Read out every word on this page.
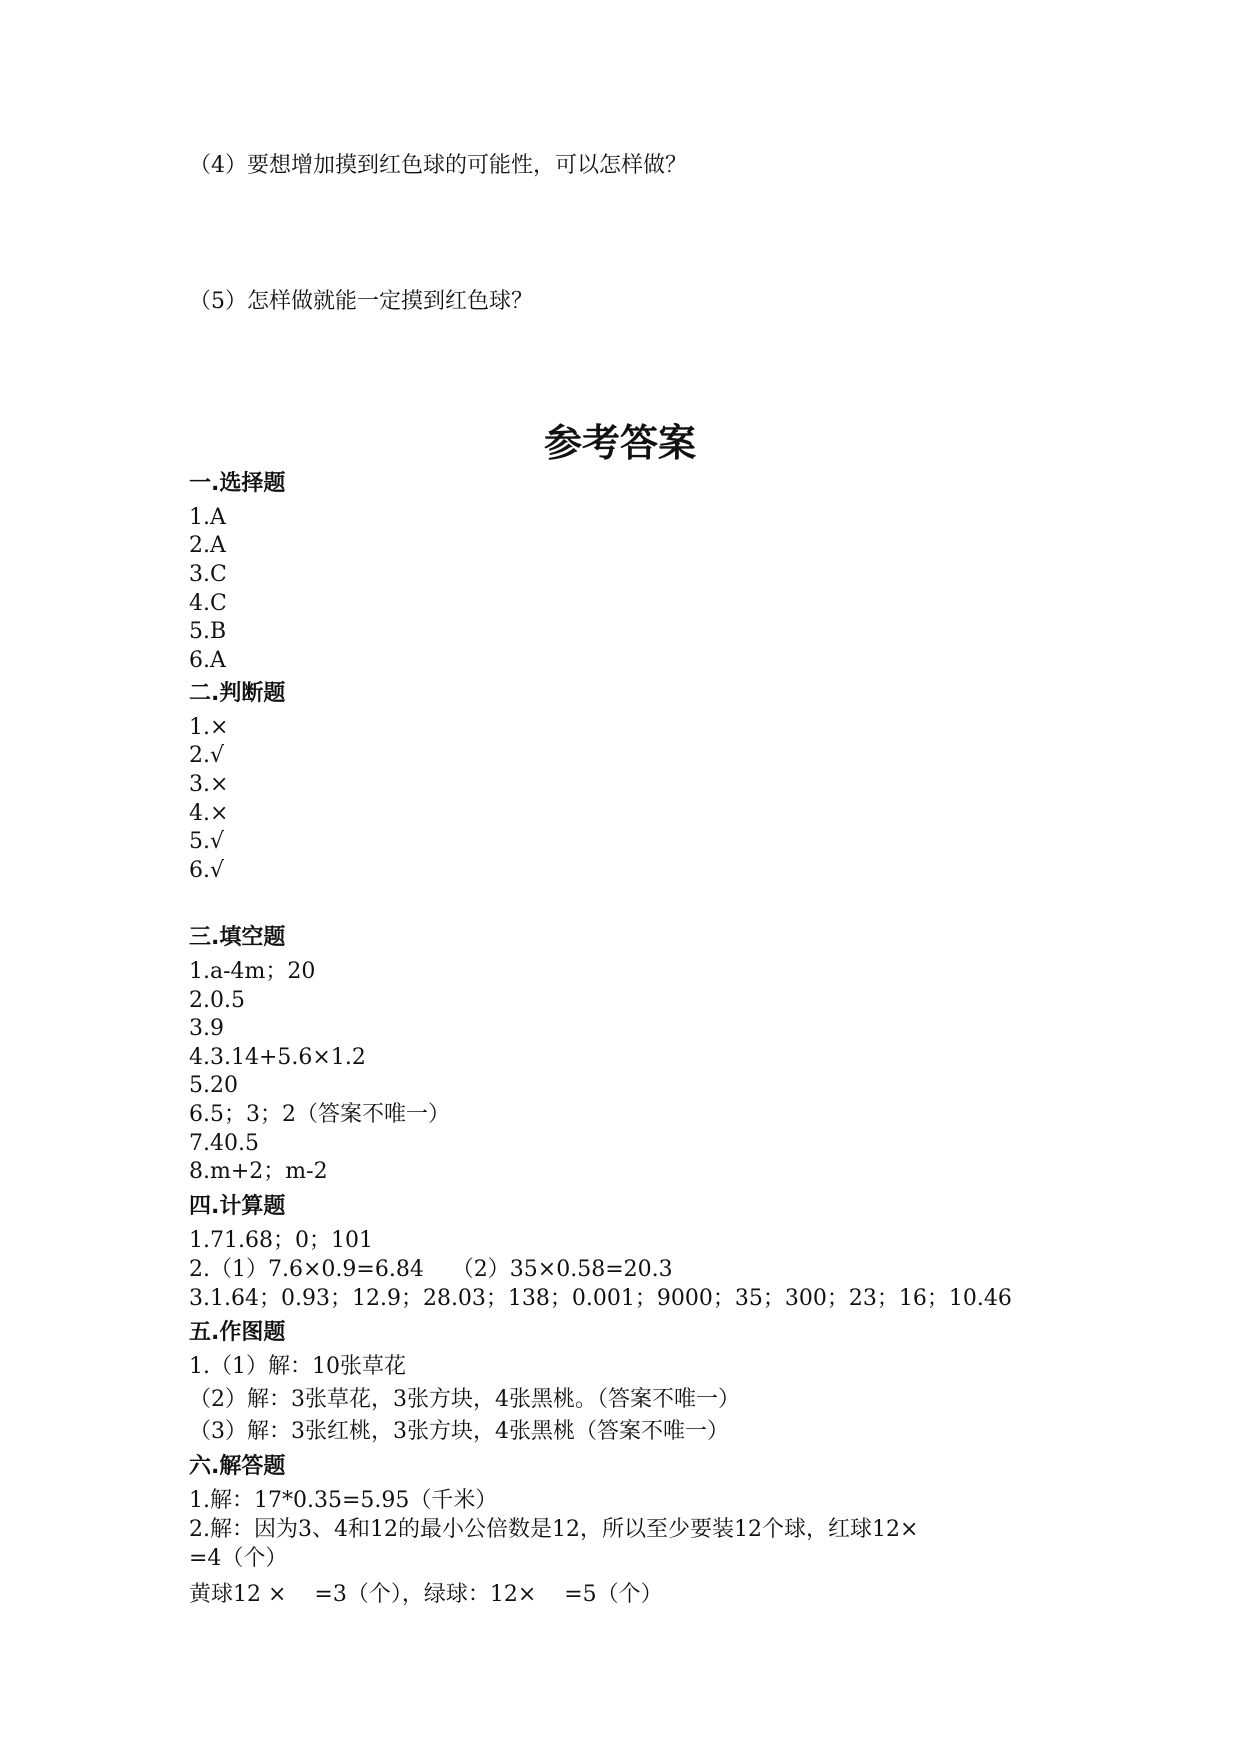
（4）要想增加摸到红色球的可能性，可以怎样做？

（5）怎样做就能一定摸到红色球？

参考答案
一.选择题

1.A

2.A

3.C

4.C

5.B

6.A

二.判断题

1.×

2.√

3.×

4.×

5.√

6.√

三.填空题

1.a-4m；20

2.0.5

3.9

4.3.14+5.6×1.2

5.20

6.5；3；2（答案不唯一）

7.40.5

8.m+2；m-2

四.计算题

1.71.68；0；101

2.（1）7.6×0.9=6.84    （2）35×0.58=20.3

3.1.64；0.93；12.9；28.03；138；0.001；9000；35；300；23；16；10.46

五.作图题

1.（1）解：10张草花

（2）解：3张草花，3张方块，4张黑桃。（答案不唯一）

（3）解：3张红桃，3张方块，4张黑桃（答案不唯一）

六.解答题

1.解：17*0.35=5.95（千米）

2.解：因为3、4和12的最小公倍数是12，所以至少要装12个球，红球12×

=4（个）

黄球12 ×    =3（个），绿球：12×    =5（个）
